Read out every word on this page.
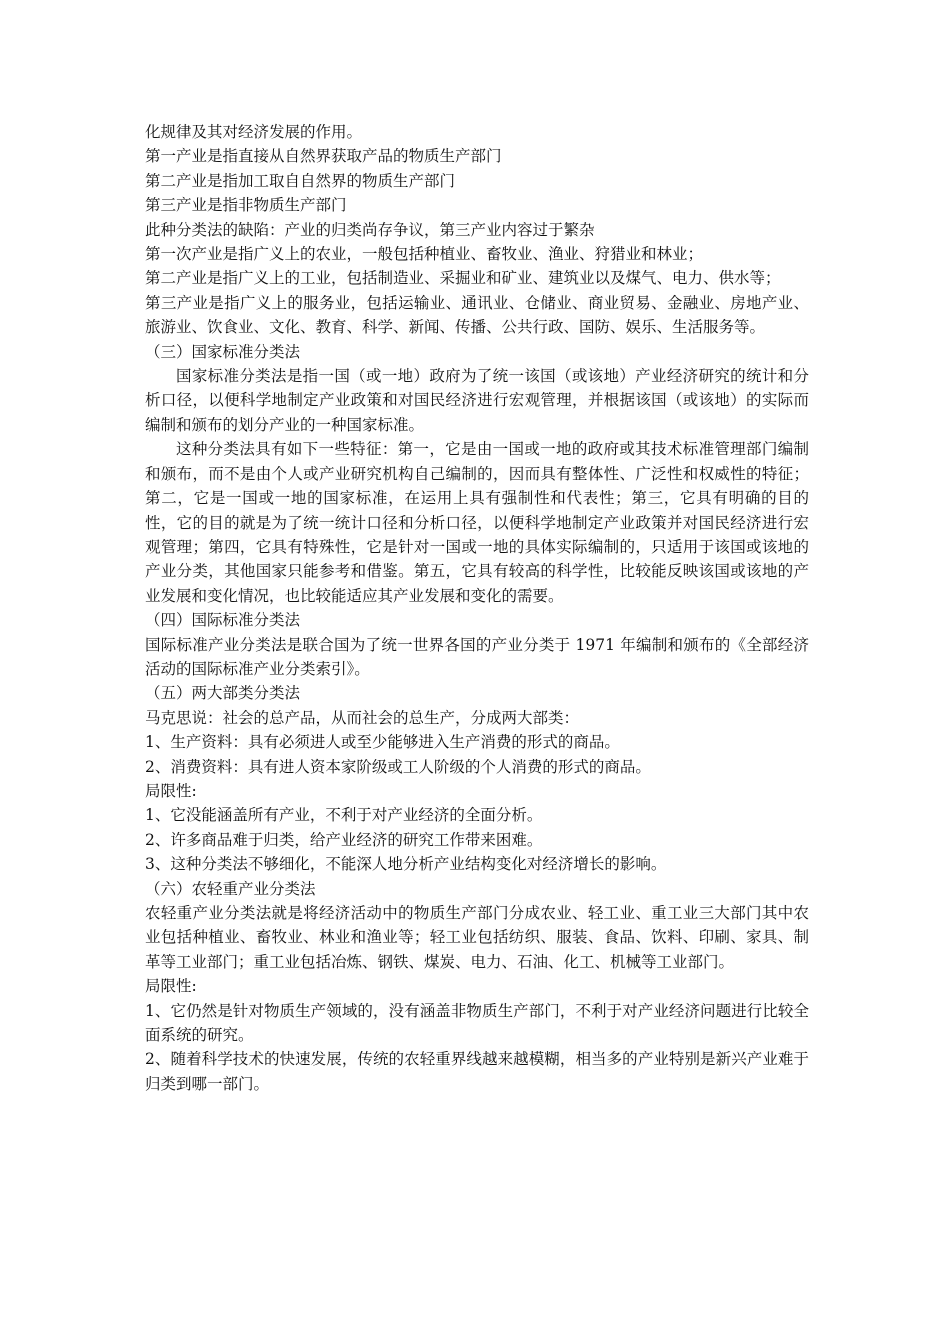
化规律及其对经济发展的作用。

第一产业是指直接从自然界获取产品的物质生产部门

第二产业是指加工取自自然界的物质生产部门

第三产业是指非物质生产部门

此种分类法的缺陷：产业的归类尚存争议，第三产业内容过于繁杂

第一次产业是指广义上的农业，一般包括种植业、畜牧业、渔业、狩猎业和林业；

第二产业是指广义上的工业，包括制造业、采掘业和矿业、建筑业以及煤气、电力、供水等；

第三产业是指广义上的服务业，包括运输业、通讯业、仓储业、商业贸易、金融业、房地产业、旅游业、饮食业、文化、教育、科学、新闻、传播、公共行政、国防、娱乐、生活服务等。

（三）国家标准分类法

国家标准分类法是指一国（或一地）政府为了统一该国（或该地）产业经济研究的统计和分析口径，以便科学地制定产业政策和对国民经济进行宏观管理，并根据该国（或该地）的实际而编制和颁布的划分产业的一种国家标准。

这种分类法具有如下一些特征：第一，它是由一国或一地的政府或其技术标准管理部门编制和颁布，而不是由个人或产业研究机构自己编制的，因而具有整体性、广泛性和权威性的特征；第二，它是一国或一地的国家标准，在运用上具有强制性和代表性；第三，它具有明确的目的性，它的目的就是为了统一统计口径和分析口径，以便科学地制定产业政策并对国民经济进行宏观管理；第四，它具有特殊性，它是针对一国或一地的具体实际编制的，只适用于该国或该地的产业分类，其他国家只能参考和借鉴。第五，它具有较高的科学性，比较能反映该国或该地的产业发展和变化情况，也比较能适应其产业发展和变化的需要。

（四）国际标准分类法

国际标准产业分类法是联合国为了统一世界各国的产业分类于 1971 年编制和颁布的《全部经济活动的国际标准产业分类索引》。

（五）两大部类分类法

马克思说：社会的总产品，从而社会的总生产，分成两大部类：

1、生产资料：具有必须进人或至少能够进入生产消费的形式的商品。

2、消费资料：具有进人资本家阶级或工人阶级的个人消费的形式的商品。

局限性:

1、它没能涵盖所有产业，不利于对产业经济的全面分析。

2、许多商品难于归类，给产业经济的研究工作带来困难。

3、这种分类法不够细化，不能深人地分析产业结构变化对经济增长的影响。

（六）农轻重产业分类法

农轻重产业分类法就是将经济活动中的物质生产部门分成农业、轻工业、重工业三大部门其中农业包括种植业、畜牧业、林业和渔业等；轻工业包括纺织、服装、食品、饮料、印刷、家具、制革等工业部门；重工业包括冶炼、钢铁、煤炭、电力、石油、化工、机械等工业部门。

局限性:

1、它仍然是针对物质生产领域的，没有涵盖非物质生产部门，不利于对产业经济问题进行比较全面系统的研究。

2、随着科学技术的快速发展，传统的农轻重界线越来越模糊，相当多的产业特别是新兴产业难于归类到哪一部门。
